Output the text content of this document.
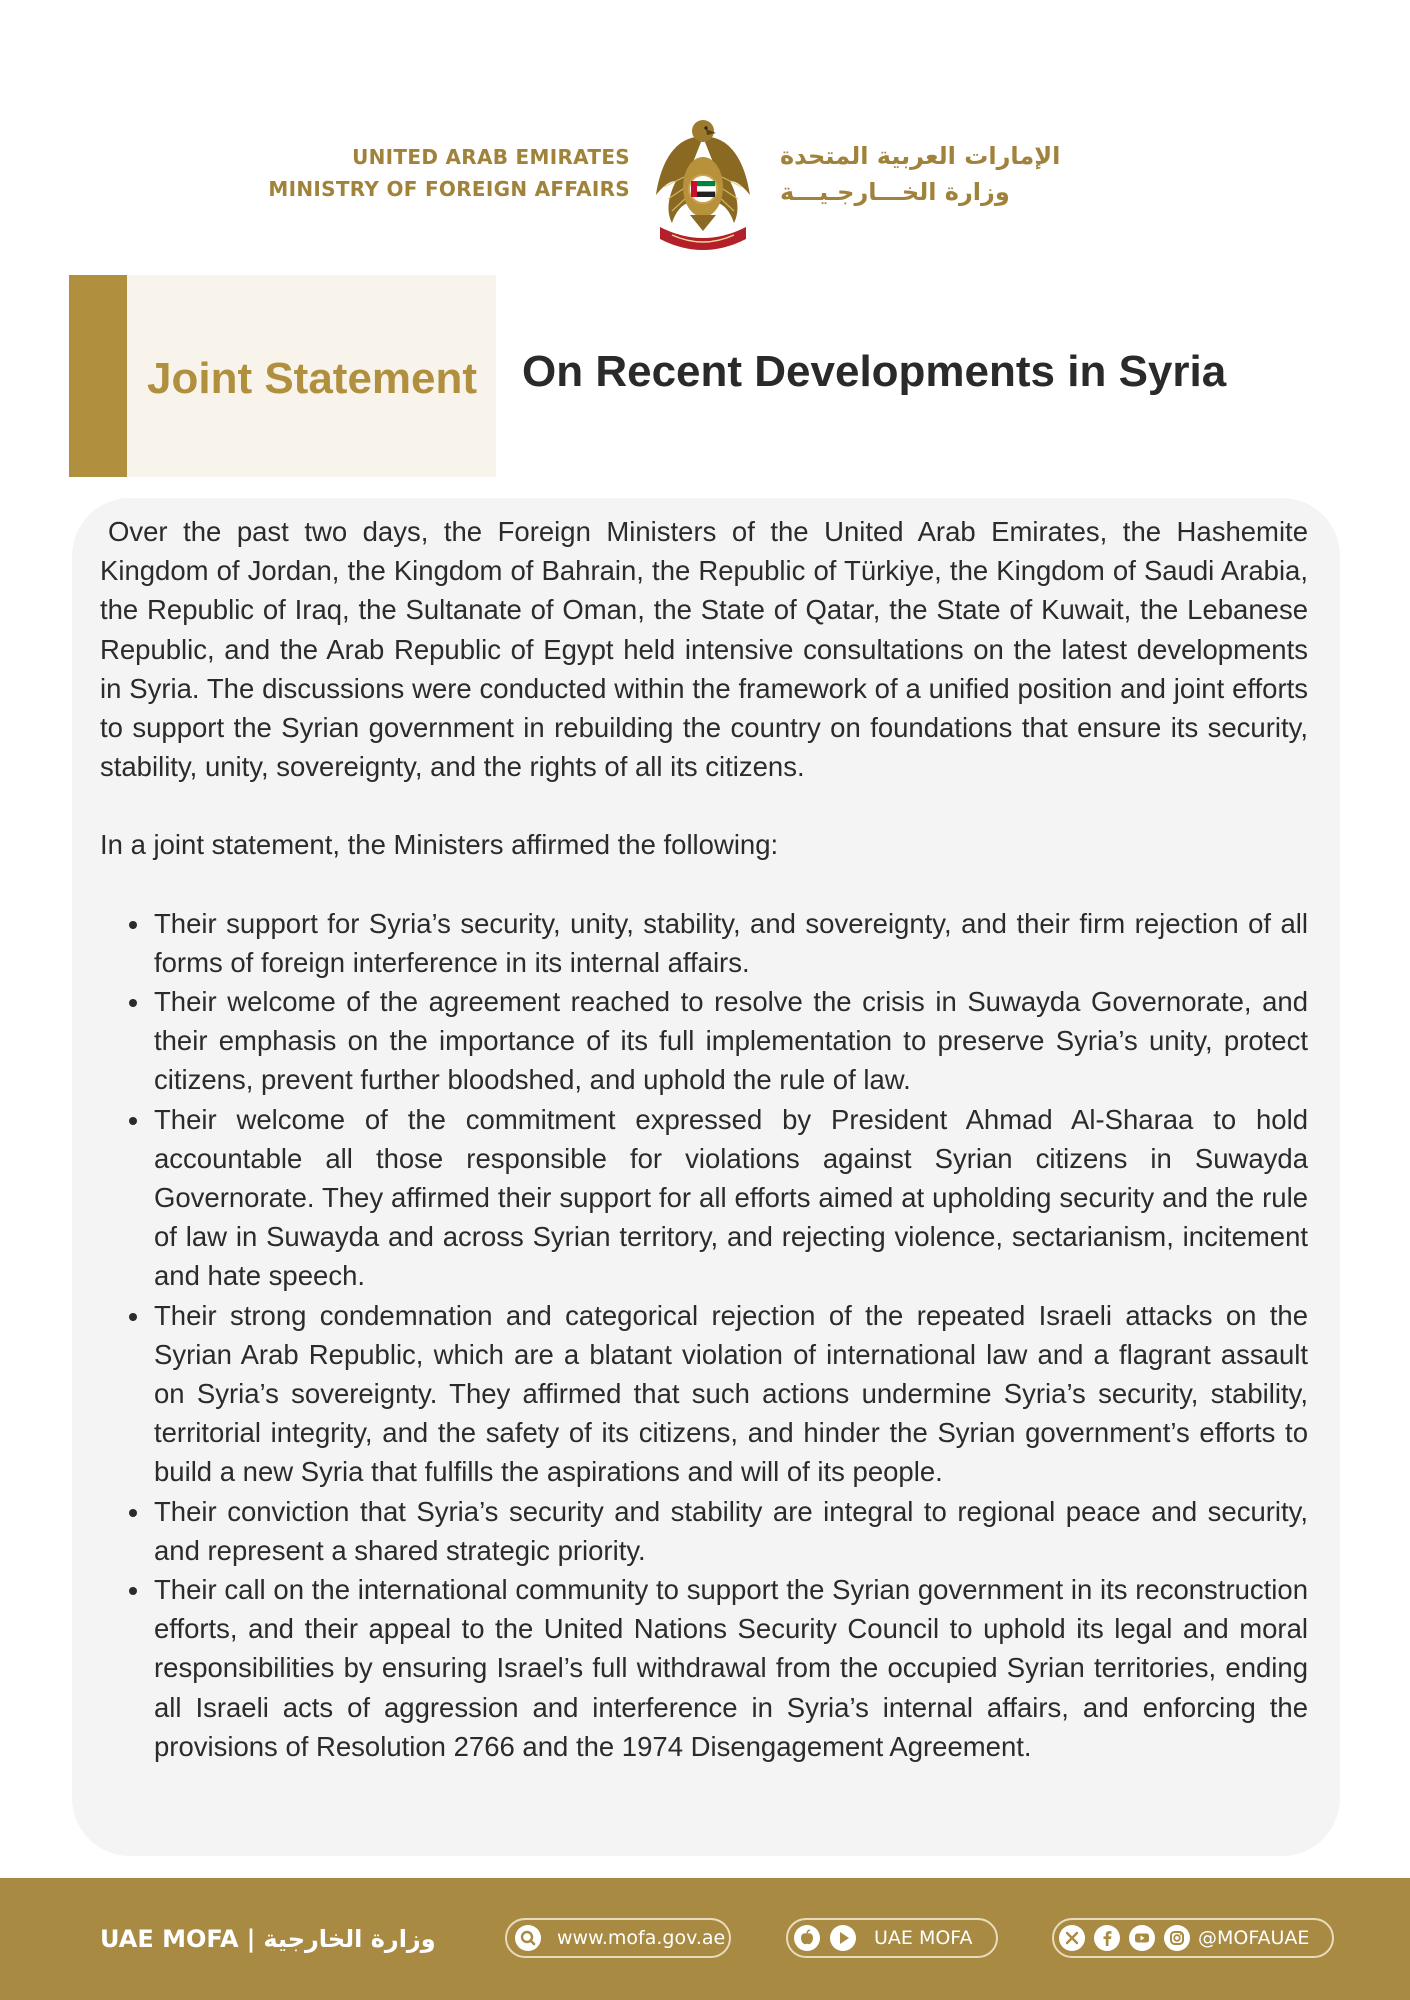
UNITED ARAB EMIRATES
MINISTRY OF FOREIGN AFFAIRS
الإمارات العربية المتحدة
وزارة الخـــارجـيـــة
Joint Statement On Recent Developments in Syria

Over the past two days, the Foreign Ministers of the United Arab Emirates, the Hashemite Kingdom of Jordan, the Kingdom of Bahrain, the Republic of Türkiye, the Kingdom of Saudi Arabia, the Republic of Iraq, the Sultanate of Oman, the State of Qatar, the State of Kuwait, the Lebanese Republic, and the Arab Republic of Egypt held intensive consultations on the latest developments in Syria. The discussions were conducted within the framework of a unified position and joint efforts to support the Syrian government in rebuilding the country on foundations that ensure its security, stability, unity, sovereignty, and the rights of all its citizens.

In a joint statement, the Ministers affirmed the following:

• Their support for Syria’s security, unity, stability, and sovereignty, and their firm rejection of all forms of foreign interference in its internal affairs.
• Their welcome of the agreement reached to resolve the crisis in Suwayda Governorate, and their emphasis on the importance of its full implementation to preserve Syria’s unity, protect citizens, prevent further bloodshed, and uphold the rule of law.
• Their welcome of the commitment expressed by President Ahmad Al-Sharaa to hold accountable all those responsible for violations against Syrian citizens in Suwayda Governorate. They affirmed their support for all efforts aimed at upholding security and the rule of law in Suwayda and across Syrian territory, and rejecting violence, sectarianism, incitement and hate speech.
• Their strong condemnation and categorical rejection of the repeated Israeli attacks on the Syrian Arab Republic, which are a blatant violation of international law and a flagrant assault on Syria’s sovereignty. They affirmed that such actions undermine Syria’s security, stability, territorial integrity, and the safety of its citizens, and hinder the Syrian government’s efforts to build a new Syria that fulfills the aspirations and will of its people.
• Their conviction that Syria’s security and stability are integral to regional peace and security, and represent a shared strategic priority.
• Their call on the international community to support the Syrian government in its reconstruction efforts, and their appeal to the United Nations Security Council to uphold its legal and moral responsibilities by ensuring Israel’s full withdrawal from the occupied Syrian territories, ending all Israeli acts of aggression and interference in Syria’s internal affairs, and enforcing the provisions of Resolution 2766 and the 1974 Disengagement Agreement.
UAE MOFA | وزارة الخارجية	www.mofa.gov.ae	UAE MOFA	@MOFAUAE
